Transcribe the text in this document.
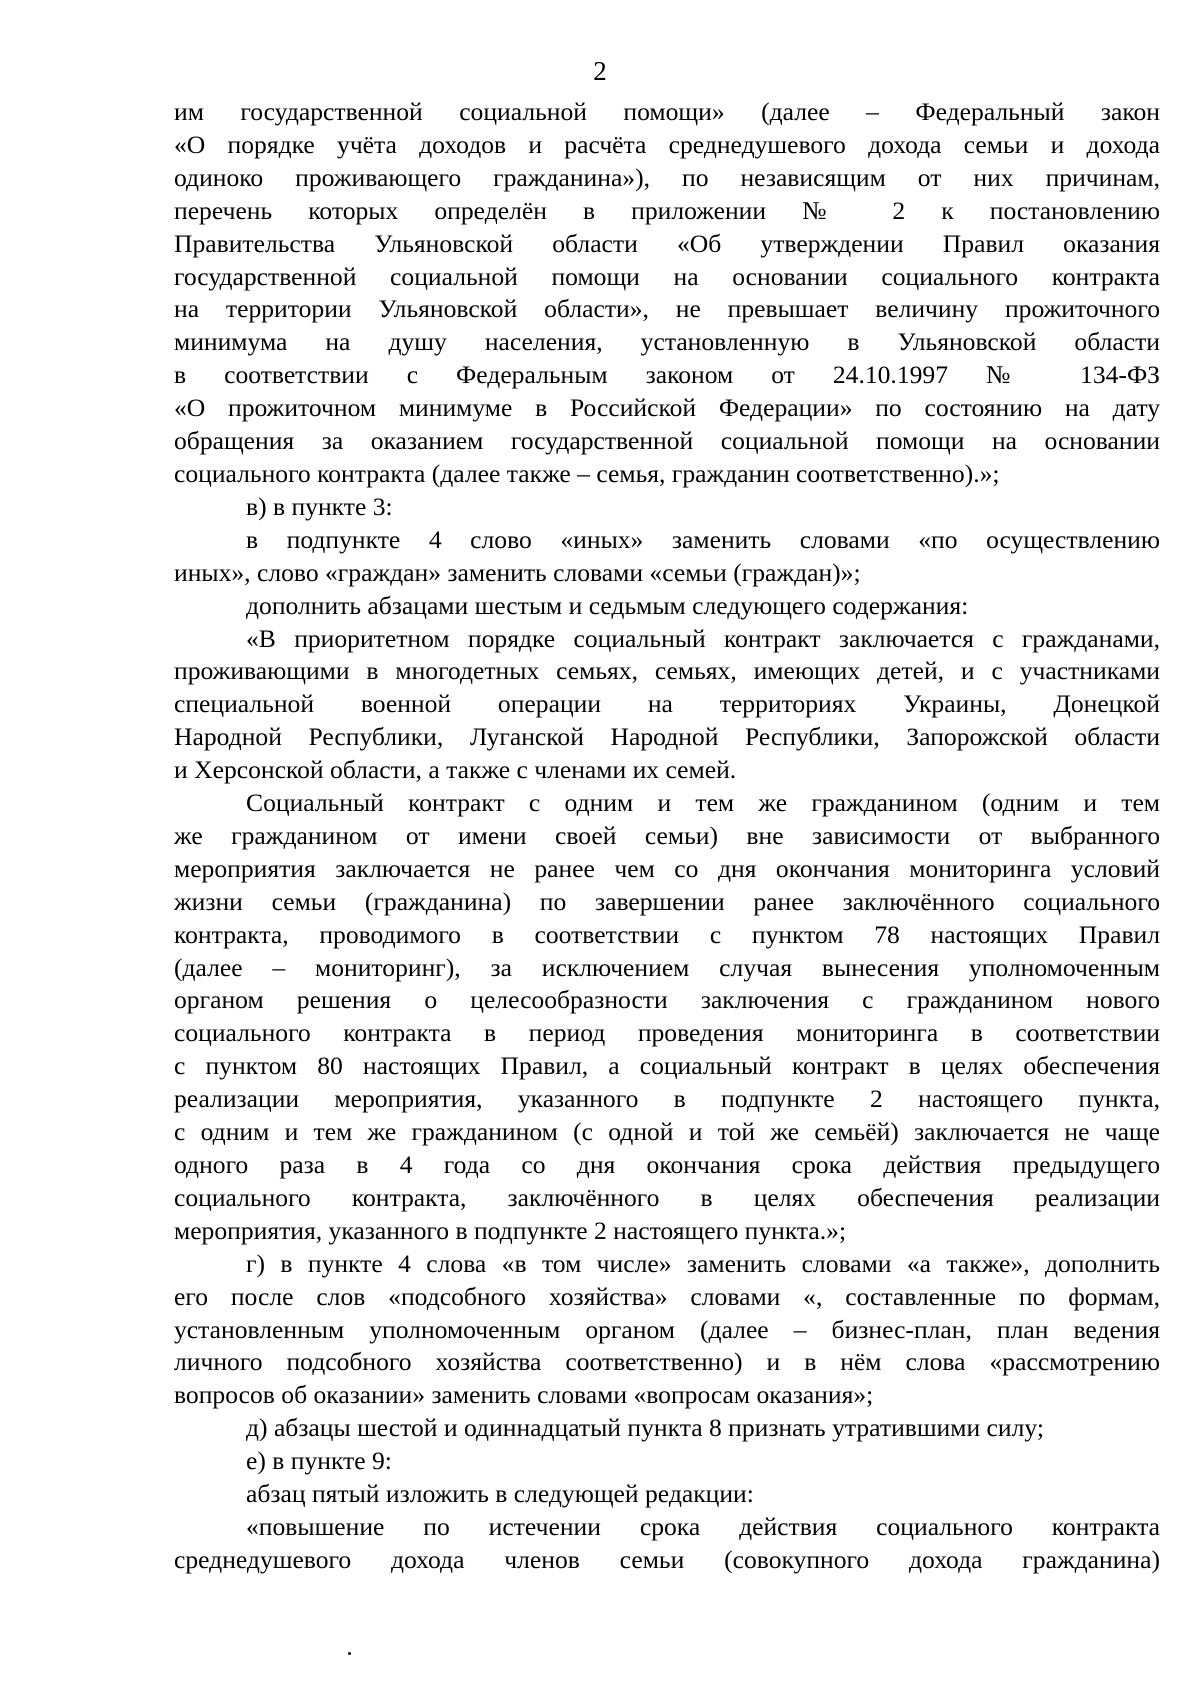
2

им государственной социальной помощи» (далее – Федеральный закон

«О порядке учёта доходов и расчёта среднедушевого дохода семьи и дохода

одиноко проживающего гражданина»), по независящим от них причинам,

перечень которых определён в приложении № 2 к постановлению

Правительства Ульяновской области «Об утверждении Правил оказания

государственной социальной помощи на основании социального контракта

на территории Ульяновской области», не превышает величину прожиточного

минимума на душу населения, установленную в Ульяновской области

в соответствии с Федеральным законом от 24.10.1997 № 134-ФЗ

«О прожиточном минимуме в Российской Федерации» по состоянию на дату

обращения за оказанием государственной социальной помощи на основании

социального контракта (далее также – семья, гражданин соответственно).»;

в) в пункте 3:

в подпункте 4 слово «иных» заменить словами «по осуществлению

иных», слово «граждан» заменить словами «семьи (граждан)»;

дополнить абзацами шестым и седьмым следующего содержания:

«В приоритетном порядке социальный контракт заключается с гражданами,

проживающими в многодетных семьях, семьях, имеющих детей, и с участниками

специальной военной операции на территориях Украины, Донецкой

Народной Республики, Луганской Народной Республики, Запорожской области

и Херсонской области, а также с членами их семей.

Социальный контракт с одним и тем же гражданином (одним и тем

же гражданином от имени своей семьи) вне зависимости от выбранного

мероприятия заключается не ранее чем со дня окончания мониторинга условий

жизни семьи (гражданина) по завершении ранее заключённого социального

контракта, проводимого в соответствии с пунктом 78 настоящих Правил

(далее – мониторинг), за исключением случая вынесения уполномоченным

органом решения о целесообразности заключения с гражданином нового

социального контракта в период проведения мониторинга в соответствии

с пунктом 80 настоящих Правил, а социальный контракт в целях обеспечения

реализации мероприятия, указанного в подпункте 2 настоящего пункта,

с одним и тем же гражданином (с одной и той же семьёй) заключается не чаще

одного раза в 4 года со дня окончания срока действия предыдущего

социального контракта, заключённого в целях обеспечения реализации

мероприятия, указанного в подпункте 2 настоящего пункта.»;

г) в пункте 4 слова «в том числе» заменить словами «а также», дополнить

его после слов «подсобного хозяйства» словами «, составленные по формам,

установленным уполномоченным органом (далее – бизнес-план, план ведения

личного подсобного хозяйства соответственно) и в нём слова «рассмотрению

вопросов об оказании» заменить словами «вопросам оказания»;

д) абзацы шестой и одиннадцатый пункта 8 признать утратившими силу;

е) в пункте 9:

абзац пятый изложить в следующей редакции:

«повышение по истечении срока действия социального контракта

среднедушевого дохода членов семьи (совокупного дохода гражданина)
